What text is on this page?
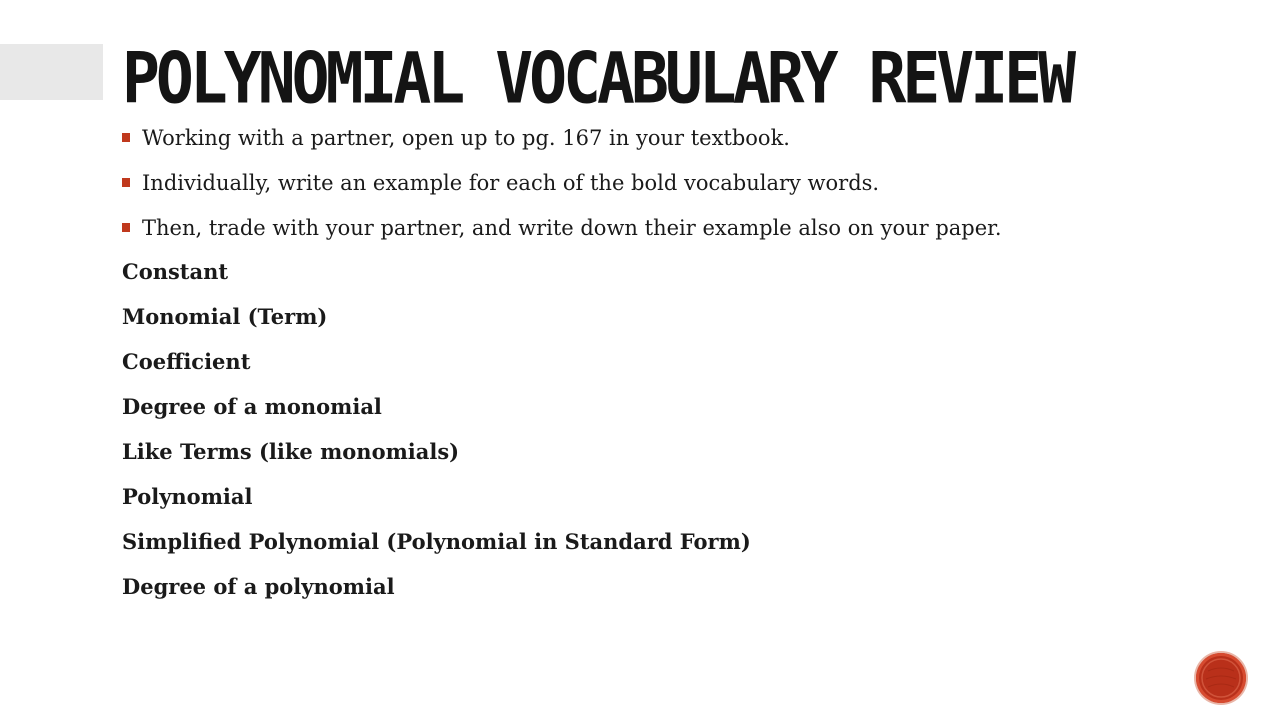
POLYNOMIAL VOCABULARY REVIEW
Working with a partner, open up to pg. 167 in your textbook.
Individually, write an example for each of the bold vocabulary words.
Then, trade with your partner, and write down their example also on your paper.
Constant
Monomial (Term)
Coefficient
Degree of a monomial
Like Terms (like monomials)
Polynomial
Simplified Polynomial (Polynomial in Standard Form)
Degree of a polynomial
